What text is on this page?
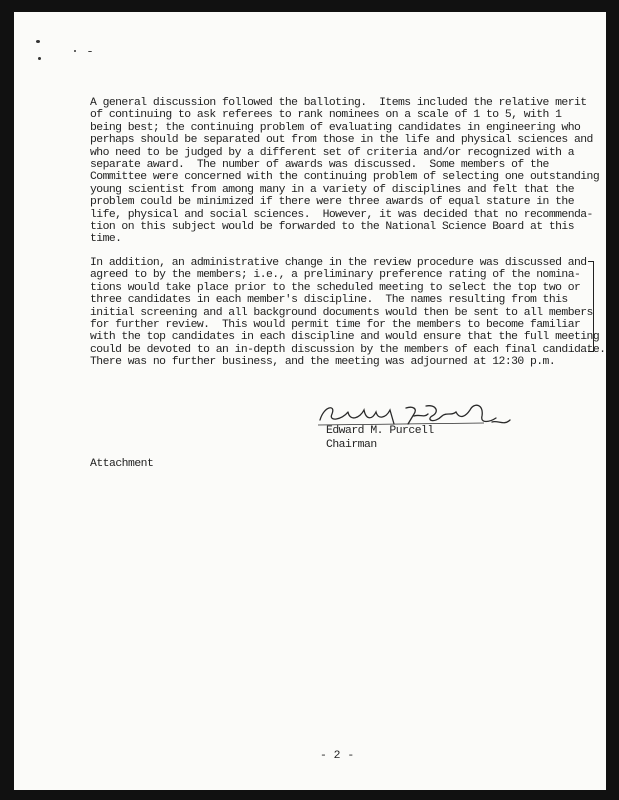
A general discussion followed the balloting.  Items included the relative merit
of continuing to ask referees to rank nominees on a scale of 1 to 5, with 1
being best; the continuing problem of evaluating candidates in engineering who
perhaps should be separated out from those in the life and physical sciences and
who need to be judged by a different set of criteria and/or recognized with a
separate award.  The number of awards was discussed.  Some members of the
Committee were concerned with the continuing problem of selecting one outstanding
young scientist from among many in a variety of disciplines and felt that the
problem could be minimized if there were three awards of equal stature in the
life, physical and social sciences.  However, it was decided that no recommenda-
tion on this subject would be forwarded to the National Science Board at this
time.

In addition, an administrative change in the review procedure was discussed and
agreed to by the members; i.e., a preliminary preference rating of the nomina-
tions would take place prior to the scheduled meeting to select the top two or
three candidates in each member's discipline.  The names resulting from this
initial screening and all background documents would then be sent to all members
for further review.  This would permit time for the members to become familiar
with the top candidates in each discipline and would ensure that the full meeting
could be devoted to an in-depth discussion by the members of each final candidate.

There was no further business, and the meeting was adjourned at 12:30 p.m.

Edward M. Purcell
Chairman
Attachment
- 2 -
